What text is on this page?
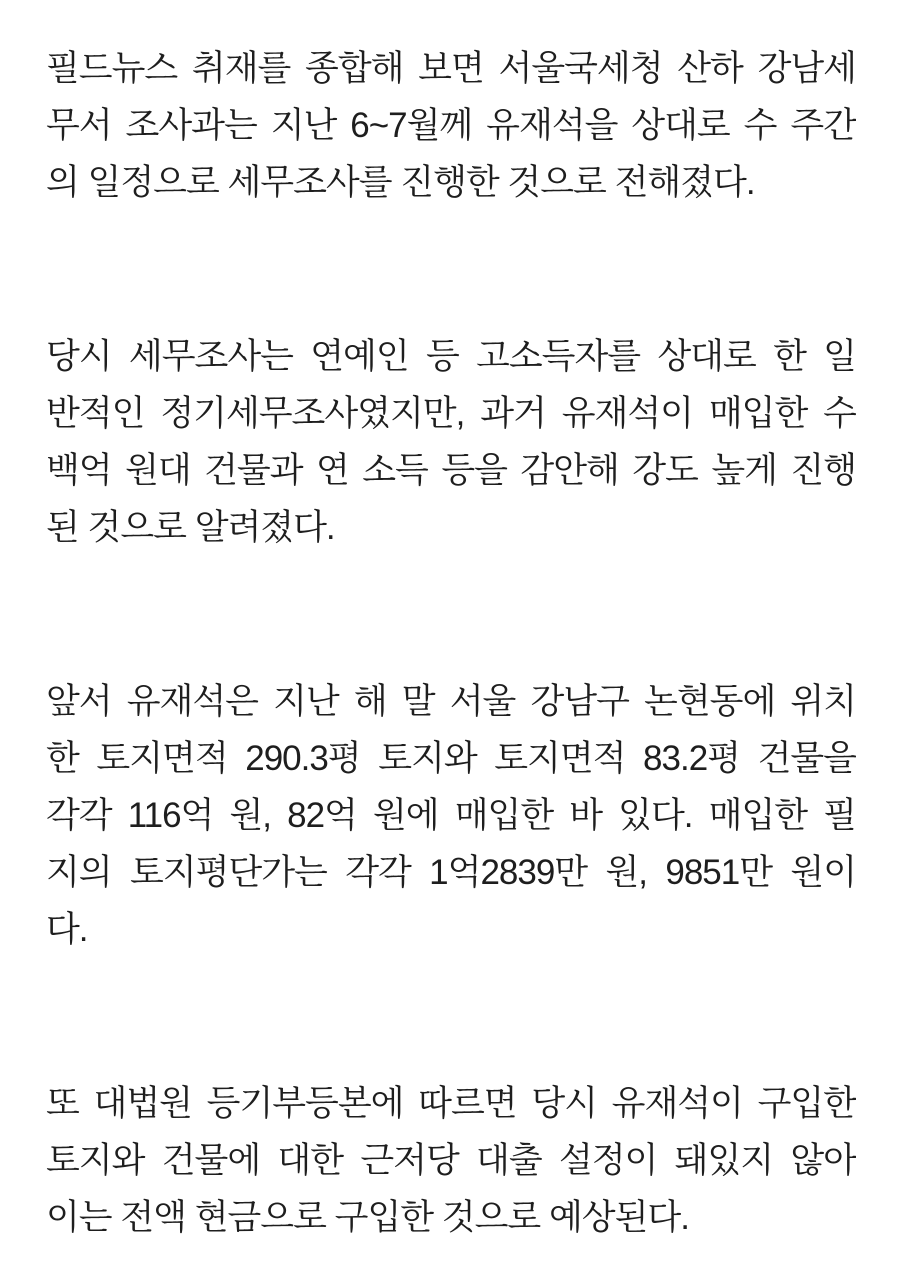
필드뉴스 취재를 종합해 보면 서울국세청 산하 강남세
무서 조사과는 지난 6~7월께 유재석을 상대로 수 주간
의 일정으로 세무조사를 진행한 것으로 전해졌다.
당시 세무조사는 연예인 등 고소득자를 상대로 한 일
반적인 정기세무조사였지만, 과거 유재석이 매입한 수
백억 원대 건물과 연 소득 등을 감안해 강도 높게 진행
된 것으로 알려졌다.
앞서 유재석은 지난 해 말 서울 강남구 논현동에 위치
한 토지면적 290.3평 토지와 토지면적 83.2평 건물을
각각 116억 원, 82억 원에 매입한 바 있다. 매입한 필
지의 토지평단가는 각각 1억2839만 원, 9851만 원이
다.
또 대법원 등기부등본에 따르면 당시 유재석이 구입한
토지와 건물에 대한 근저당 대출 설정이 돼있지 않아
이는 전액 현금으로 구입한 것으로 예상된다.
